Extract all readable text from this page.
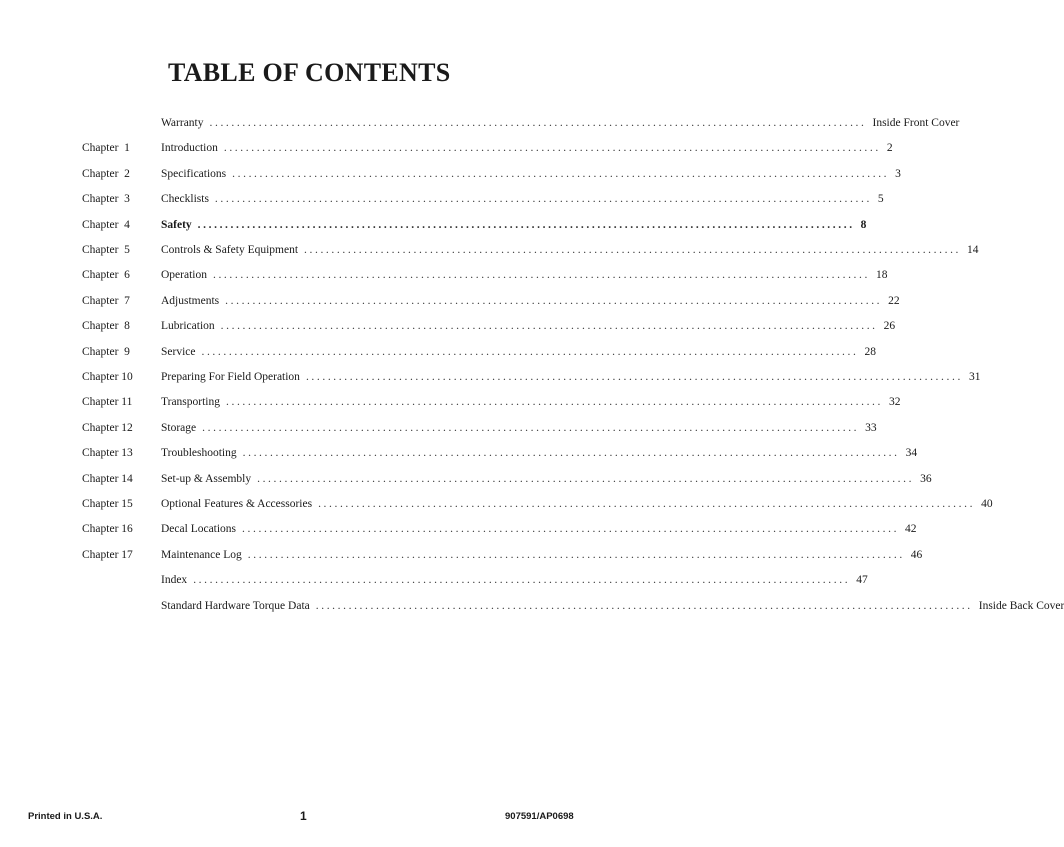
TABLE OF CONTENTS
Warranty ........................................................................................................................ Inside Front Cover
Chapter  1	Introduction ........................................................................................................................ 2
Chapter  2	Specifications ........................................................................................................................ 3
Chapter  3	Checklists ........................................................................................................................ 5
Chapter  4	Safety ........................................................................................................................ 8
Chapter  5	Controls & Safety Equipment ........................................................................................................................ 14
Chapter  6	Operation ........................................................................................................................ 18
Chapter  7	Adjustments ........................................................................................................................ 22
Chapter  8	Lubrication ........................................................................................................................ 26
Chapter  9	Service ........................................................................................................................ 28
Chapter 10 Preparing For Field Operation ........................................................................................................................ 31
Chapter 11 Transporting ........................................................................................................................ 32
Chapter 12 Storage ........................................................................................................................ 33
Chapter 13 Troubleshooting ........................................................................................................................ 34
Chapter 14 Set-up & Assembly ........................................................................................................................ 36
Chapter 15 Optional Features & Accessories ........................................................................................................................ 40
Chapter 16 Decal Locations ........................................................................................................................ 42
Chapter 17 Maintenance Log ........................................................................................................................ 46
Index ........................................................................................................................ 47
Standard Hardware Torque Data ........................................................................................................................ Inside Back Cover
Printed in U.S.A.	1	907591/AP0698
